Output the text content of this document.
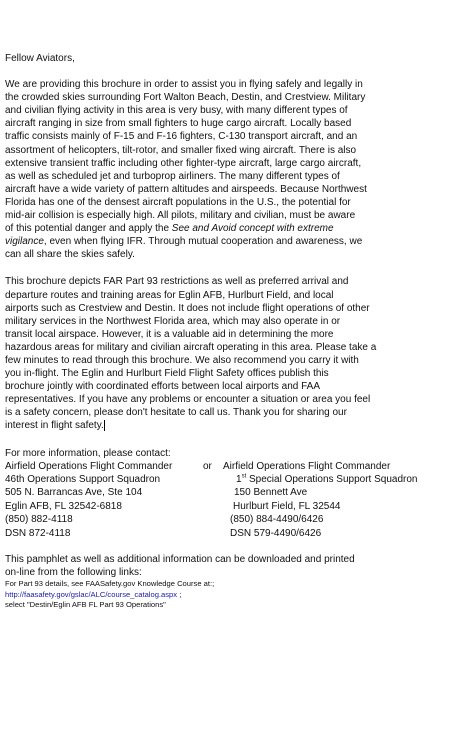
Fellow Aviators,

We are providing this brochure in order to assist you in flying safely and legally in

the crowded skies surrounding Fort Walton Beach, Destin, and Crestview. Military

and civilian flying activity in this area is very busy, with many different types of

aircraft ranging in size from small fighters to huge cargo aircraft. Locally based

traffic consists mainly of F-15 and F-16 fighters, C-130 transport aircraft, and an

assortment of helicopters, tilt-rotor, and smaller fixed wing aircraft. There is also

extensive transient traffic including other fighter-type aircraft, large cargo aircraft,

as well as scheduled jet and turboprop airliners. The many different types of

aircraft have a wide variety of pattern altitudes and airspeeds. Because Northwest

Florida has one of the densest aircraft populations in the U.S., the potential for

mid-air collision is especially high. All pilots, military and civilian, must be aware

of this potential danger and apply the See and Avoid concept with extreme

vigilance, even when flying IFR. Through mutual cooperation and awareness, we

can all share the skies safely.

This brochure depicts FAR Part 93 restrictions as well as preferred arrival and

departure routes and training areas for Eglin AFB, Hurlburt Field, and local

airports such as Crestview and Destin. It does not include flight operations of other

military services in the Northwest Florida area, which may also operate in or

transit local airspace. However, it is a valuable aid in determining the more

hazardous areas for military and civilian aircraft operating in this area. Please take a

few minutes to read through this brochure. We also recommend you carry it with

you in-flight. The Eglin and Hurlburt Field Flight Safety offices publish this

brochure jointly with coordinated efforts between local airports and FAA

representatives. If you have any problems or encounter a situation or area you feel

is a safety concern, please don't hesitate to call us. Thank you for sharing our

interest in flight safety.

For more information, please contact:

Airfield Operations Flight Commander

46th Operations Support Squadron

505 N. Barrancas Ave, Ste 104

Eglin AFB, FL 32542-6818

(850) 882-4118

DSN 872-4118

or	Airfield Operations Flight Commander

1st Special Operations Support Squadron

150 Bennett Ave

Hurlburt Field, FL 32544

(850) 884-4490/6426

DSN 579-4490/6426

This pamphlet as well as additional information can be downloaded and printed

on-line from the following links:

For Part 93 details, see FAASafety.gov Knowledge Course at:;

http://faasafety.gov/gslac/ALC/course_catalog.aspx ;

select "Destin/Eglin AFB FL Part 93 Operations"
